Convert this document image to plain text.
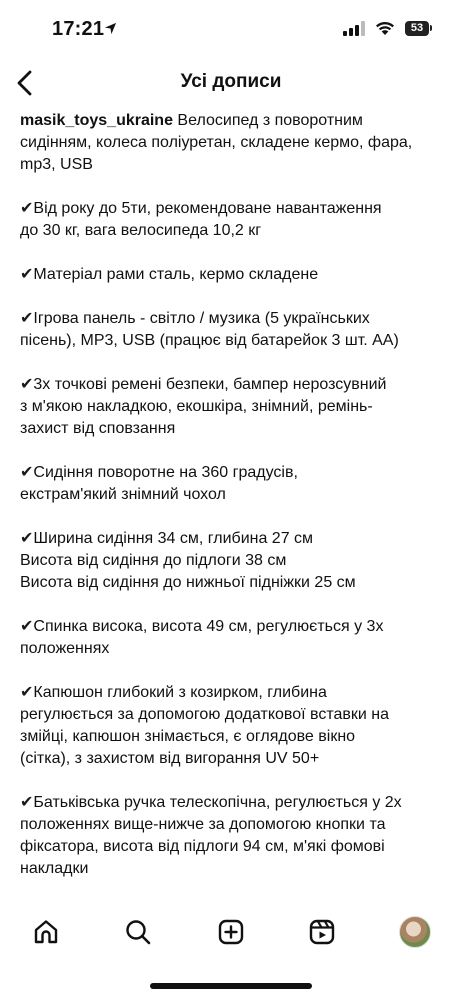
17:21	53
Усі дописи

masik_toys_ukraine Велосипед з поворотним
сидінням, колеса поліуретан, складене кермо, фара,
mp3, USB

✔Від року до 5ти, рекомендоване навантаження
до 30 кг, вага велосипеда 10,2 кг

✔Матеріал рами сталь, кермо складене

✔Ігрова панель - світло / музика (5 українських
пісень), MP3, USB (працює від батарейок 3 шт. АА)

✔3х точкові ремені безпеки, бампер нерозсувний
з м'якою накладкою, екошкіра, знімний, ремінь-
захист від сповзання

✔Сидіння поворотне на 360 градусів,
екстрам'який знімний чохол

✔Ширина сидіння 34 см, глибина 27 см
Висота від сидіння до підлоги 38 см
Висота від сидіння до нижньої підніжки 25 см

✔Спинка висока, висота 49 см, регулюється у 3х
положеннях

✔Капюшон глибокий з козирком, глибина
регулюється за допомогою додаткової вставки на
змійці, капюшон знімається, є оглядове вікно
(сітка), з захистом від вигорання UV 50+

✔Батьківська ручка телескопічна, регулюється у 2х
положеннях вище-нижче за допомогою кнопки та
фіксатора, висота від підлоги 94 см, м'які фомові
накладки
